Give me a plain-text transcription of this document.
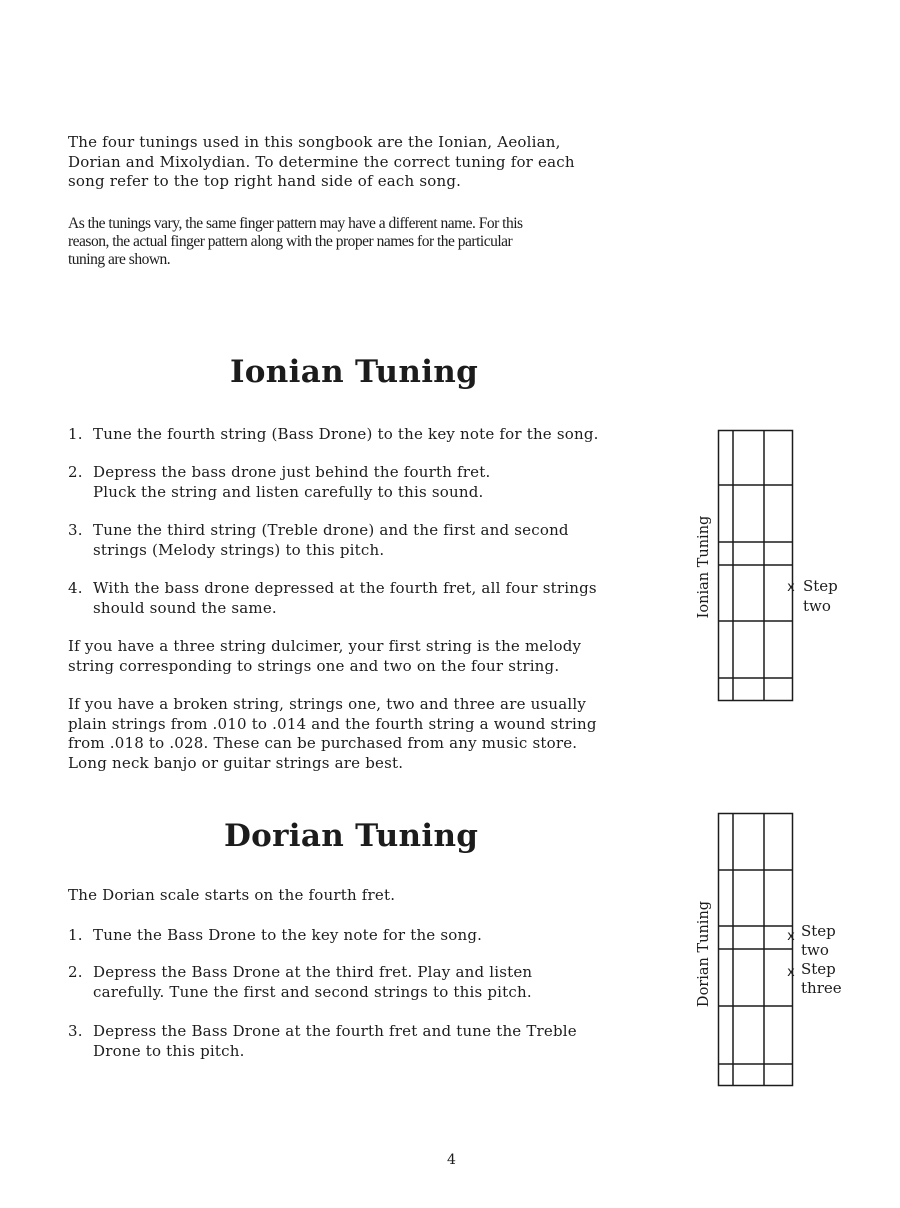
The four tunings used in this songbook are the Ionian, Aeolian,
Dorian and Mixolydian. To determine the correct tuning for each
song refer to the top right hand side of each song.
As the tunings vary, the same finger pattern may have a different name. For this
reason, the actual finger pattern along with the proper names for the particular
tuning are shown.
Ionian Tuning
1. Tune the fourth string (Bass Drone) to the key note for the song.
2. Depress the bass drone just behind the fourth fret.
Pluck the string and listen carefully to this sound.
3. Tune the third string (Treble drone) and the first and second
strings (Melody strings) to this pitch.
4. With the bass drone depressed at the fourth fret, all four strings
should sound the same.
If you have a three string dulcimer, your first string is the melody
string corresponding to strings one and two on the four string.
If you have a broken string, strings one, two and three are usually
plain strings from .010 to .014 and the fourth string a wound string
from .018 to .028. These can be purchased from any music store.
Long neck banjo or guitar strings are best.
Ionian Tuning	x Step
two
Dorian Tuning
The Dorian scale starts on the fourth fret.
1. Tune the Bass Drone to the key note for the song.
2. Depress the Bass Drone at the third fret. Play and listen
carefully. Tune the first and second strings to this pitch.
3. Depress the Bass Drone at the fourth fret and tune the Treble
Drone to this pitch.
Dorian Tuning	x Step
two
x Step
three
4
